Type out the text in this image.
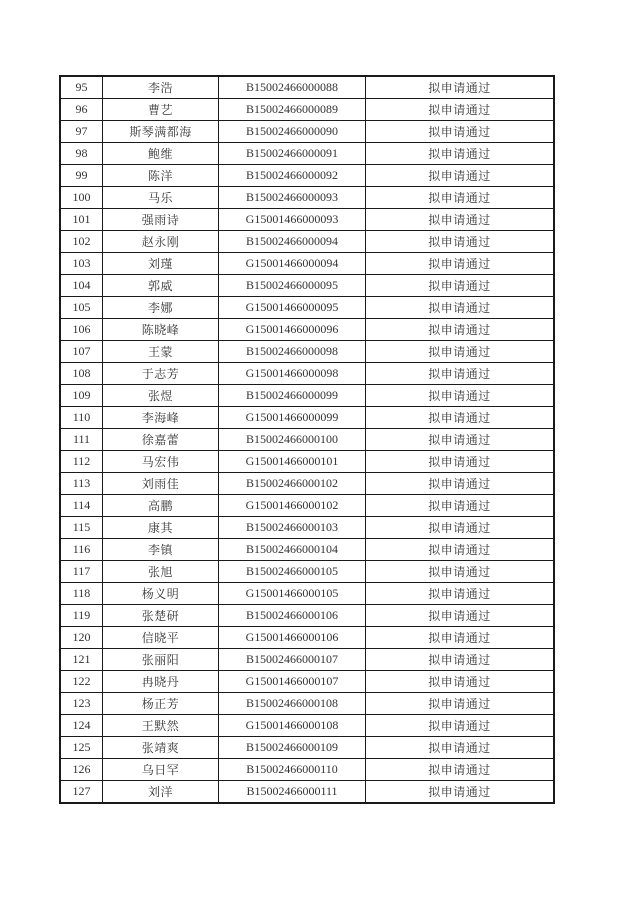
95	李浩	B15002466000088	拟申请通过
96	曹艺	B15002466000089	拟申请通过
97	斯琴满都海	B15002466000090	拟申请通过
98	鲍维	B15002466000091	拟申请通过
99	陈洋	B15002466000092	拟申请通过
100	马乐	B15002466000093	拟申请通过
101	强雨诗	G15001466000093	拟申请通过
102	赵永刚	B15002466000094	拟申请通过
103	刘瑾	G15001466000094	拟申请通过
104	郭威	B15002466000095	拟申请通过
105	李娜	G15001466000095	拟申请通过
106	陈晓峰	G15001466000096	拟申请通过
107	王蒙	B15002466000098	拟申请通过
108	于志芳	G15001466000098	拟申请通过
109	张煜	B15002466000099	拟申请通过
110	李海峰	G15001466000099	拟申请通过
111	徐嘉蕾	B15002466000100	拟申请通过
112	马宏伟	G15001466000101	拟申请通过
113	刘雨佳	B15002466000102	拟申请通过
114	高鹏	G15001466000102	拟申请通过
115	康其	B15002466000103	拟申请通过
116	李镇	B15002466000104	拟申请通过
117	张旭	B15002466000105	拟申请通过
118	杨义明	G15001466000105	拟申请通过
119	张楚研	B15002466000106	拟申请通过
120	信晓平	G15001466000106	拟申请通过
121	张丽阳	B15002466000107	拟申请通过
122	冉晓丹	G15001466000107	拟申请通过
123	杨正芳	B15002466000108	拟申请通过
124	王默然	G15001466000108	拟申请通过
125	张靖爽	B15002466000109	拟申请通过
126	乌日罕	B15002466000110	拟申请通过
127	刘洋	B15002466000111	拟申请通过
